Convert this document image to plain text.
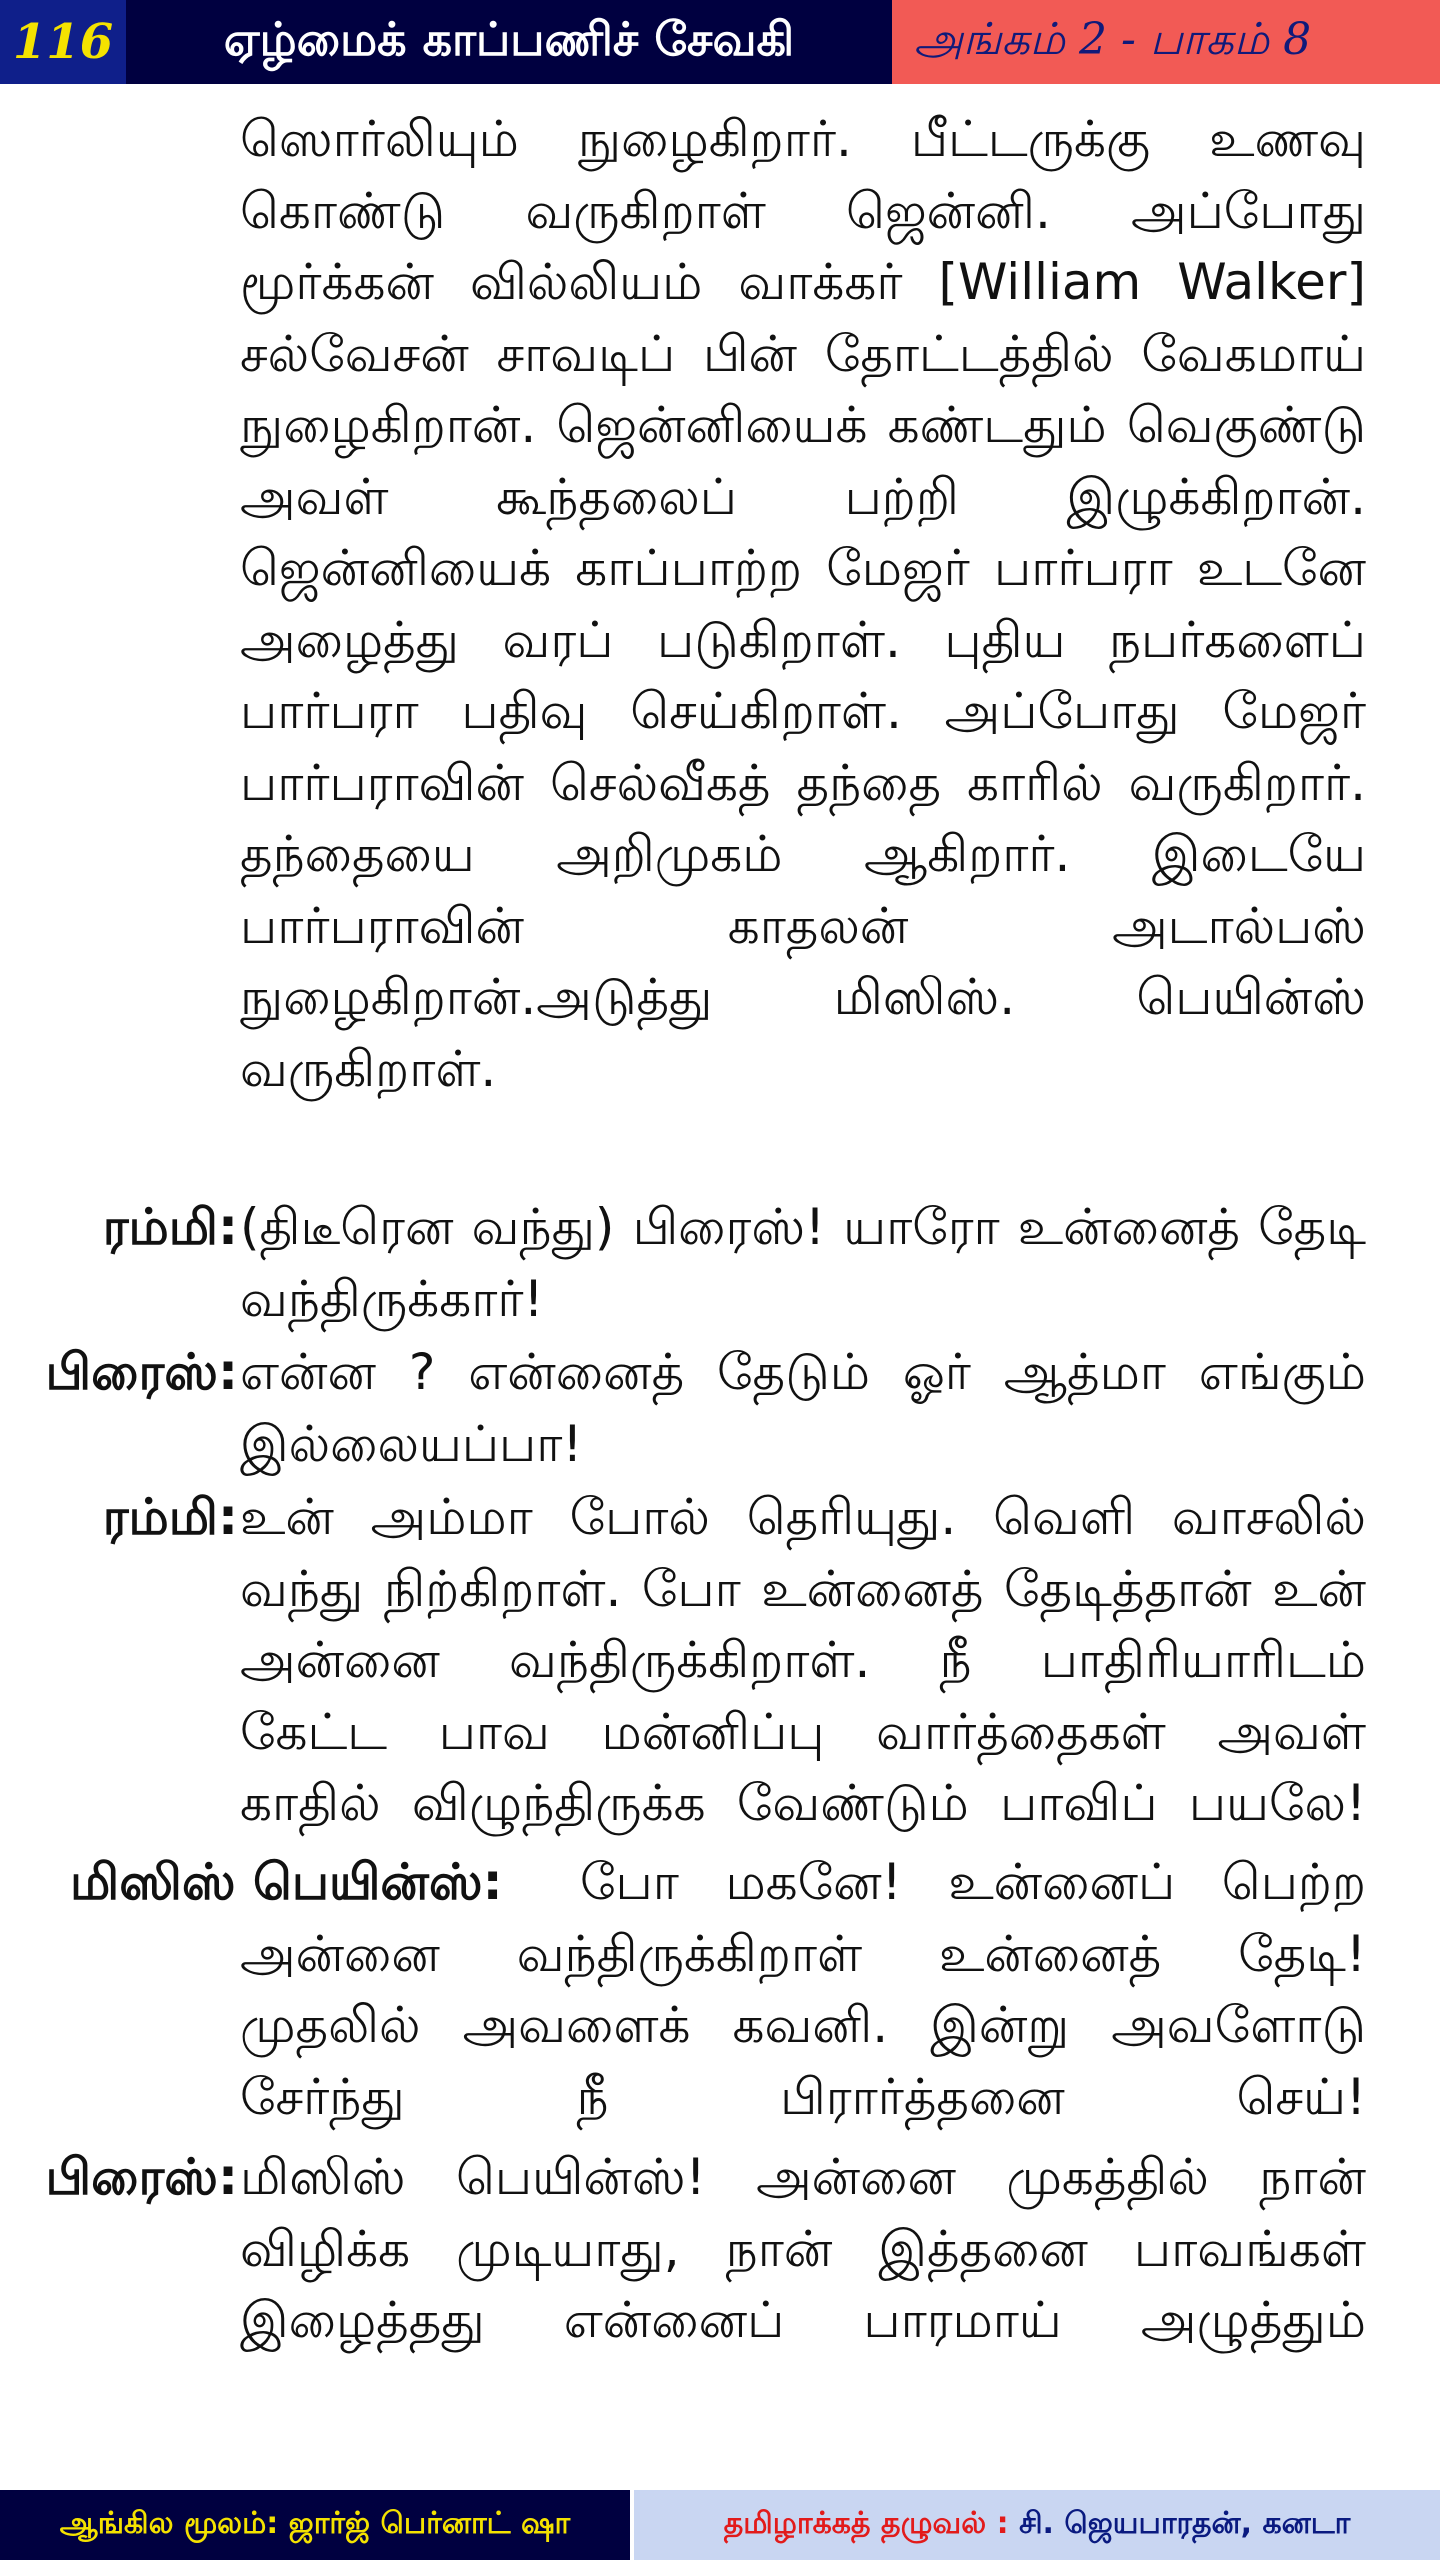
116	ஏழ்மைக் காப்பணிச் சேவகி	அங்கம் 2 - பாகம் 8

ஸொர்லியும் நுழைகிறார். பீட்டருக்கு உணவு கொண்டு வருகிறாள் ஜென்னி. அப்போது மூர்க்கன் வில்லியம் வாக்கர் [William Walker] சல்வேசன் சாவடிப் பின் தோட்டத்தில் வேகமாய் நுழைகிறான். ஜென்னியைக் கண்டதும் வெகுண்டு அவள் கூந்தலைப் பற்றி இழுக்கிறான். ஜென்னியைக் காப்பாற்ற மேஜர் பார்பரா உடனே அழைத்து வரப் படுகிறாள். புதிய நபர்களைப் பார்பரா பதிவு செய்கிறாள். அப்போது மேஜர் பார்பராவின் செல்வீகத் தந்தை காரில் வருகிறார். தந்தையை அறிமுகம் ஆகிறார். இடையே பார்பராவின் காதலன் அடால்பஸ் நுழைகிறான்.அடுத்து மிஸிஸ். பெயின்ஸ் வருகிறாள்.

ரம்மி: (திடீரென வந்து) பிரைஸ்! யாரோ உன்னைத் தேடி வந்திருக்கார்!
பிரைஸ்: என்ன ? என்னைத் தேடும் ஓர் ஆத்மா எங்கும் இல்லையப்பா!
ரம்மி: உன் அம்மா போல் தெரியுது. வெளி வாசலில் வந்து நிற்கிறாள். போ உன்னைத் தேடித்தான் உன் அன்னை வந்திருக்கிறாள். நீ பாதிரியாரிடம் கேட்ட பாவ மன்னிப்பு வார்த்தைகள் அவள் காதில் விழுந்திருக்க வேண்டும் பாவிப் பயலே!
மிஸிஸ் பெயின்ஸ்:	போ மகனே! உன்னைப் பெற்ற அன்னை வந்திருக்கிறாள் உன்னைத் தேடி! முதலில் அவளைக் கவனி. இன்று அவளோடு சேர்ந்து நீ பிரார்த்தனை செய்!
பிரைஸ்: மிஸிஸ் பெயின்ஸ்! அன்னை முகத்தில் நான் விழிக்க முடியாது, நான் இத்தனை பாவங்கள் இழைத்தது என்னைப் பாரமாய் அழுத்தும்
ஆங்கில மூலம்:
ஜார்ஜ் பெர்னாட் ஷா	தமிழாக்கத் தழுவல் :
சி. ஜெயபாரதன், கனடா
